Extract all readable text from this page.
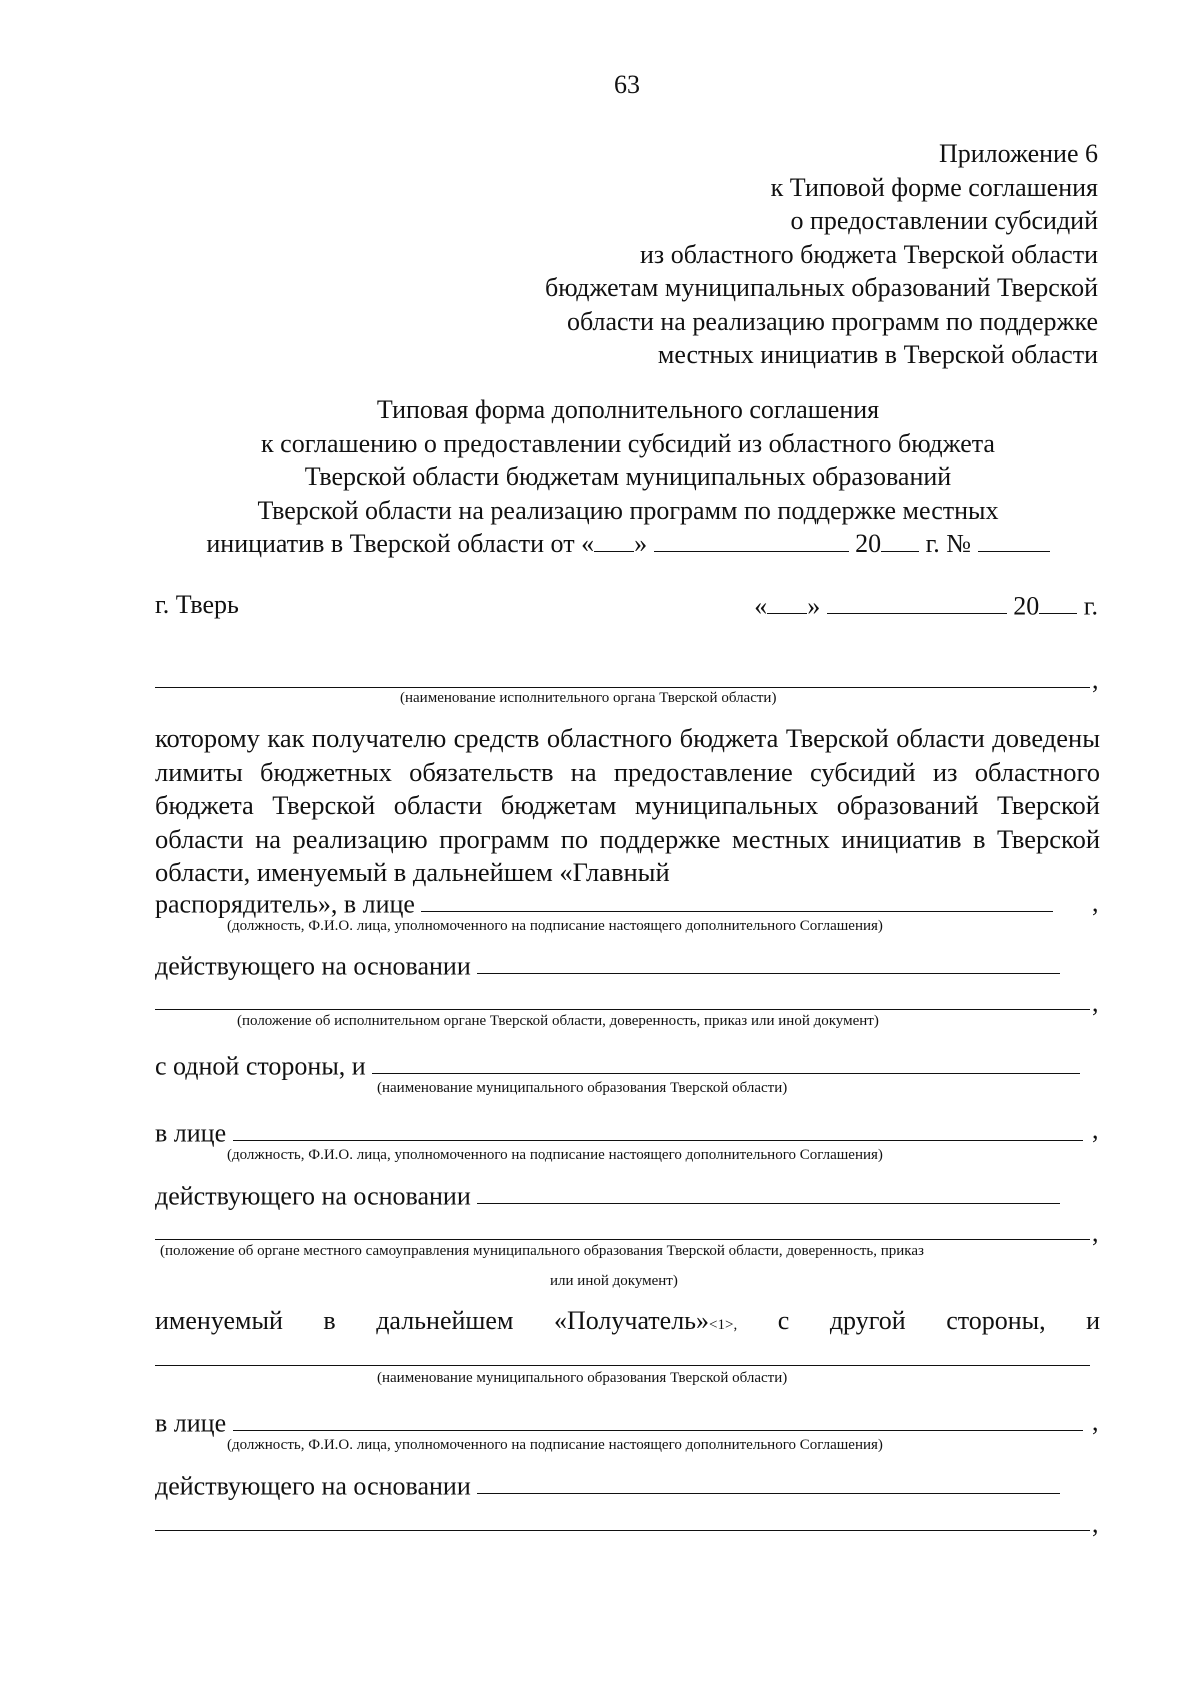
63
Приложение 6
к Типовой форме соглашения
о предоставлении субсидий
из областного бюджета Тверской области
бюджетам муниципальных образований Тверской
области на реализацию программ по поддержке
местных инициатив в Тверской области
Типовая форма дополнительного соглашения
к соглашению о предоставлении субсидий из областного бюджета
Тверской области бюджетам муниципальных образований
Тверской области на реализацию программ по поддержке местных
инициатив в Тверской области от « »	20 г. №
г. Тверь	« »	20 г.
,
(наименование исполнительного органа Тверской области)
которому как получателю средств областного бюджета Тверской области доведены лимиты бюджетных обязательств на предоставление субсидий из областного бюджета Тверской области бюджетам муниципальных образований Тверской области на реализацию программ по поддержке местных инициатив в Тверской области, именуемый в дальнейшем «Главный
распорядитель», в лице	,
(должность, Ф.И.О. лица, уполномоченного на подписание настоящего дополнительного Соглашения)
действующего на основании
,
(положение об исполнительном органе Тверской области, доверенность, приказ или иной документ)
с одной стороны, и
(наименование муниципального образования Тверской области)
в лице	,
(должность, Ф.И.О. лица, уполномоченного на подписание настоящего дополнительного Соглашения)
действующего на основании
,
(положение об органе местного самоуправления муниципального образования Тверской области, доверенность, приказ
или иной документ)
именуемый в дальнейшем «Получатель»<1>, с другой стороны, и
(наименование муниципального образования Тверской области)
в лице	,
(должность, Ф.И.О. лица, уполномоченного на подписание настоящего дополнительного Соглашения)
действующего на основании
,
